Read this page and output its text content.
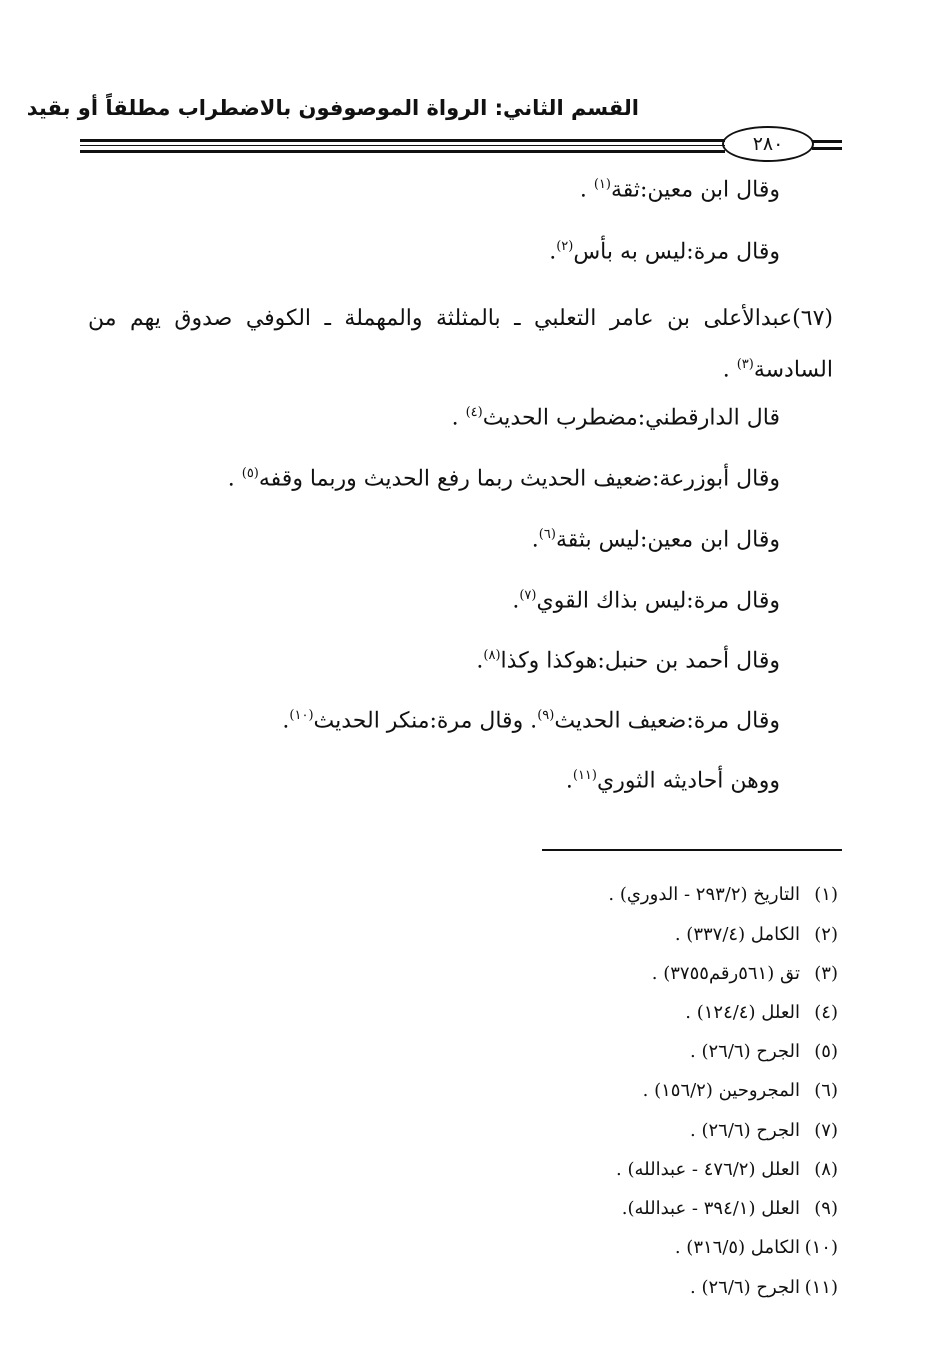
القسم الثاني: الرواة الموصوفون بالاضطراب مطلقاً أو بقيد
٢٨٠
وقال ابن معين:ثقة$^{(١)}$ .
وقال مرة:ليس به بأس$^{(٢)}$.
(٦٧)عبدالأعلى بن عامر التعلبي ـ بالمثلثة والمهملة ـ الكوفي صدوق يهم من السادسة$^{(٣)}$ .
قال الدارقطني:مضطرب الحديث$^{(٤)}$ .
وقال أبوزرعة:ضعيف الحديث ربما رفع الحديث وربما وقفه$^{(٥)}$ .
وقال ابن معين:ليس بثقة$^{(٦)}$.
وقال مرة:ليس بذاك القوي$^{(٧)}$.
وقال أحمد بن حنبل:هوكذا وكذا$^{(٨)}$.
وقال مرة:ضعيف الحديث$^{(٩)}$. وقال مرة:منكر الحديث$^{(١٠)}$.
ووهن أحاديثه الثوري$^{(١١)}$.
(١)التاريخ (٢٩٣/٢ - الدوري) .
(٢)الكامل (٣٣٧/٤) .
(٣)تق (٥٦١رقم٣٧٥٥) .
(٤)العلل (١٢٤/٤) .
(٥)الجرح (٢٦/٦) .
(٦)المجروحين (١٥٦/٢) .
(٧)الجرح (٢٦/٦) .
(٨)العلل (٤٧٦/٢ - عبدالله) .
(٩)العلل (٣٩٤/١ - عبدالله).
(١٠)الكامل (٣١٦/٥) .
(١١)الجرح (٢٦/٦) .
